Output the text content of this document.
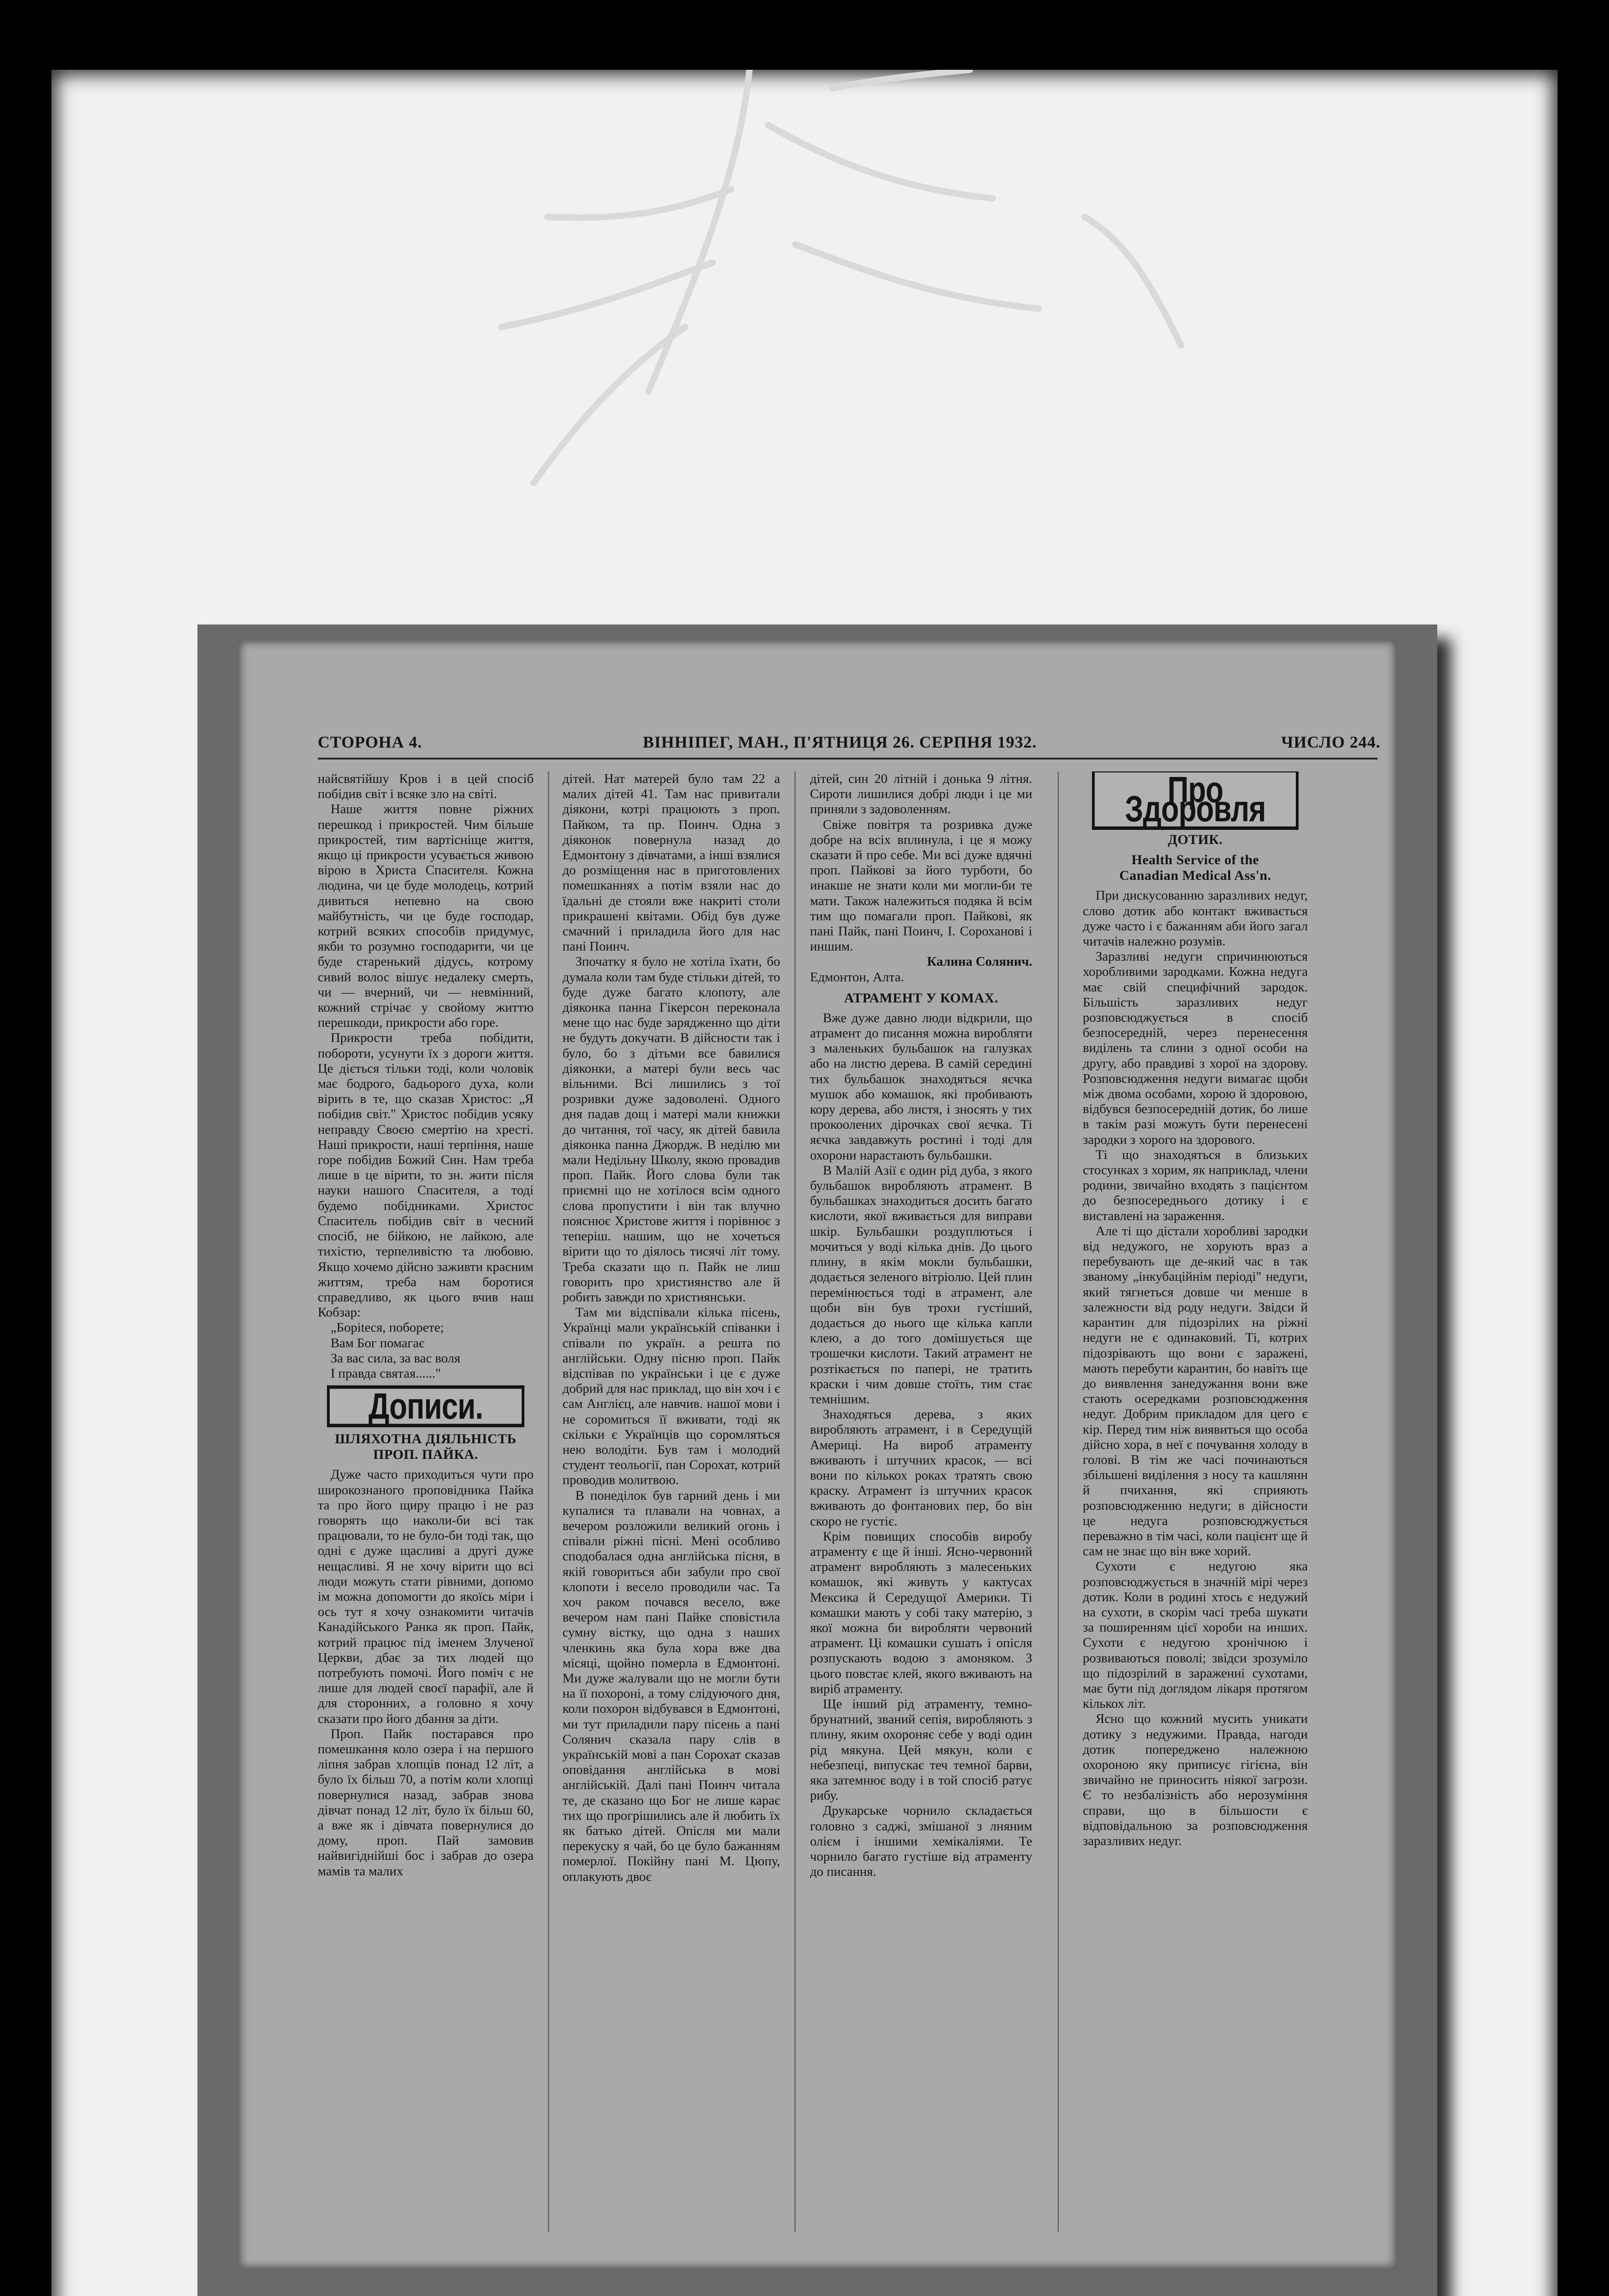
СТОРОНА 4.	ВІННІПЕГ, МАН., П'ЯТНИЦЯ 26. СЕРПНЯ 1932.	ЧИСЛО 244.

найсвятійшу Кров і в цей спосіб побідив світ і всяке зло на світі.

Наше життя повне ріжних перешкод і прикростей. Чим більше прикростей, тим вартісніще життя, якщо ці прикрости усувається живою вірою в Христа Спасителя. Кожна людина, чи це буде молодець, котрий дивиться непевно на свою майбутність, чи це буде господар, котрий всяких способів придумує, якби то розумно господарити, чи це буде старенький дідусь, котрому сивий волос вішує недалеку смерть, чи — вчерний, чи — невмінний, кожний стрічає у свойому життю перешкоди, прикрости або горе.

Прикрости треба побідити, побороти, усунути їх з дороги життя. Це діється тільки тоді, коли чоловік має бодрого, бадьорого духа, коли вірить в те, що сказав Христос: „Я побідив світ." Христос побідив усяку неправду Своєю смертію на хресті. Наші прикрости, наші терпіння, наше горе побідив Божий Син. Нам треба лише в це вірити, то зн. жити після науки нашого Спасителя, а тоді будемо побідниками. Христос Спаситель побідив світ в чесний спосіб, не бійкою, не лайкою, але тихістю, терпеливістю та любовю. Якщо хочемо дійсно заживти красним життям, треба нам боротися справедливо, як цього вчив наш Кобзар:

„Боріteся, поборете;

Вам Бог помагає

За вас сила, за вас воля

І правда святая......"

Дописи.
ШЛЯХОТНА ДІЯЛЬНІСТЬ
ПРОП. ПАЙКА.

Дуже часто приходиться чути про широкознаного проповідника Пайка та про його щиру працю і не раз говорять що наколи-би всі так працювали, то не було-би тоді так, що одні є дуже щасливі а другі дуже нещасливі. Я не хочу вірити що всі люди можуть стати рівними, допомо ім можна допомогти до якоїсь міри і ось тут я хочу ознакомити читачів Канадійського Ранка як проп. Пайк, котрий працює під іменем Злученої Церкви, дбає за тих людей що потребують помочі. Його поміч є не лише для людей своєї парафії, але й для сторонних, а головно я хочу сказати про його дбання за діти.

Проп. Пайк постарався про помешкання коло озера і на першого ліпня забрав хлопців понад 12 літ, а було їх більш 70, а потім коли хлопці повернулися назад, забрав знова дівчат понад 12 літ, було їх більш 60, а вже як і дівчата повернулися до дому, проп. Пай замовив найвигіднійші бос і забрав до озера мамів та малих

дітей. Нат матерей було там 22 а малих дітей 41. Там нас привитали діякони, котрі працюють з проп. Пайком, та пр. Поинч. Одна з діяконок повернула назад до Едмонтону з дівчатами, а інші взялися до розміщення нас в приготовлених помешканнях а потім взяли нас до їдальні де стояли вже накриті столи прикрашені квітами. Обід був дуже смачний і приладила його для нас пані Поинч.

Зпочатку я було не хотіла їхати, бо думала коли там буде стільки дітей, то буде дуже багато клопоту, але діяконка панна Гікерсон переконала мене що нас буде зарядженно що діти не будуть докучати. В дійсности так і було, бо з дітьми все бавилися діяконки, а матері були весь час вільними. Всі лишились з тої розривки дуже задоволені. Одного дня падав дощ і матері мали книжки до читання, тої часу, як дітей бавила діяконка панна Джордж. В неділю ми мали Недільну Школу, якою провадив проп. Пайк. Його слова були так приємні що не хотілося всім одного слова пропустити і він так влучно пояснює Христове життя і порівнює з теперіш. нашим, що не хочеться вірити що то діялось тисячі літ тому. Треба сказати що п. Пайк не лиш говорить про християнство але й робить завжди по християнськи.

Там ми відспівали кілька пісень, Українці мали українській співанки і співали по україн. а решта по англійськи. Одну пісню проп. Пайк відспівав по українськи і це є дуже добрий для нас приклад, що він хоч і є сам Англієц, але навчив. нашої мови і не соромиться її вживати, тоді як скільки є Українців що соромляться нею володіти. Був там і молодий студент теольогії, пан Сорохат, котрий проводив молитвою.

В понеділок був гарний день і ми купалися та плавали на човнах, а вечером розложили великий огонь і співали ріжні пісні. Мені особливо сподобалася одна англійська пісня, в якій говориться аби забули про свої клопоти і весело проводили час. Та хоч раком почався весело, вже вечером нам пані Пайке сповістила сумну вістку, що одна з наших членкинь яка була хора вже два місяці, щойно померла в Едмонтоні. Ми дуже жалували що не могли бути на її похороні, а тому слідуючого дня, коли похорон відбувався в Едмонтоні, ми тут приладили пару пісень а пані Солянич сказала пару слів в українській мові а пан Сорохат сказав оповідання англійська в мові англійській. Далі пані Поинч читала те, де сказано що Бог не лише карає тих що прогрішились але й любить їх як батько дітей. Опісля ми мали перекуску я чай, бо це було бажанням померлої. Покійну пані М. Цюпу, оплакують двоє

дітей, син 20 літній і донька 9 літня. Сироти лишилися добрі люди і це ми приняли з задоволенням.

Свіже повітря та розривка дуже добре на всіх вплинула, і це я можу сказати й про себе. Ми всі дуже вдячні проп. Пайкові за його турботи, бо инакше не знати коли ми могли-би те мати. Також належиться подяка й всім тим що помагали проп. Пайкові, як пані Пайк, пані Поинч, І. Сороханові і иншим.

Калина Солянич.

Едмонтон, Алта.

АТРАМЕНТ У КОМАХ.

Вже дуже давно люди відкрили, що атрамент до писання можна виробляти з маленьких бульбашок на галузках або на листю дерева. В самій середині тих бульбашок знаходяться яєчка мушок або комашок, які пробивають кору дерева, або листя, і зносять у тих прокоолених дірочках свої яєчка. Ті яєчка завдавжуть ростині і тоді для охорони нарастають бульбашки.

В Малій Азії є один рід дуба, з якого бульбашок виробляють атрамент. В бульбашках знаходиться досить багато кислоти, якої вживається для виправи шкір. Бульбашки роздуплються і мочиться у воді кілька днів. До цього плину, в якім мокли бульбашки, додається зеленого вітріолю. Цей плин перемінюється тоді в атрамент, але щоби він був трохи густіший, додається до нього ще кілька капли клею, а до того домішується ще трошечки кислоти. Такий атрамент не розтікається по папері, не тратить краски і чим довше стоїть, тим стає темнішим.

Знаходяться дерева, з яких виробляють атрамент, і в Середущій Америці. На вироб атраменту вживають і штучних красок, — всі вони по кількох роках тратять свою краску. Атрамент із штучних красок вживають до фонтанових пер, бо він скоро не густіє.

Крім повищих способів виробу атраменту є ще й інші. Ясно-червоний атрамент виробляють з малесеньких комашок, які живуть у кактусах Мексика й Середущої Америки. Ті комашки мають у собі таку матерію, з якої можна би виробляти червоний атрамент. Ці комашки сушать і опісля розпускають водою з амоняком. З цього повстає клей, якого вживають на виріб атраменту.

Ще інший рід атраменту, темно-брунатний, званий сепія, виробляють з плину, яким охороняє себе у воді один рід мякуна. Цей мякун, коли є небезпеці, випускає теч темної барви, яка затемнює воду і в той спосіб ратує рибу.

Друкарське чорнило складається головно з саджі, змішаної з лняним олієм і іншими хемікаліями. Те чорнило багато густіше від атраменту до писання.

Про Здоровля
ДОТИК.
Health Service of the
Canadian Medical Ass'n.

При дискусованню заразливих недуг, слово дотик або контакт вживається дуже часто і є бажанням аби його загал читачів належно розумів.

Заразливі недуги спричинюються хоробливими зародками. Кожна недуга має свій специфічний зародок. Більшість заразливих недуг розповсюджується в спосіб безпосередній, через перенесення виділень та слини з одної особи на другу, або правдиві з хорої на здорову. Розповсюдження недуги вимагає щоби між двома особами, хорою й здоровою, відбувся безпосередній дотик, бо лише в такім разі можуть бути перенесені зародки з хорого на здорового.

Ті що знаходяться в близьких стосунках з хорим, як наприклад, члени родини, звичайно входять з пацієнтом до безпосереднього дотику і є виставлені на зараження.

Але ті що дістали хоробливі зародки від недужого, не хорують враз а перебувають ще де-який час в так званому „інкубаційнім періоді" недуги, який тягнеться довше чи менше в залежности від роду недуги. Звідси й карантин для підозрілих на ріжні недуги не є одинаковий. Ті, котрих підозрівають що вони є заражені, мають перебути карантин, бо навіть ще до виявлення занедужання вони вже стають осередками розповсюдження недуг. Добрим прикладом для цего є кір. Перед тим ніж виявиться що особа дійсно хора, в неї є почування холоду в голові. В тім же часі починаються збільшені виділення з носу та кашлянн й пчихання, які сприяють розповсюдженню недуги; в дійсности це недуга розповсюджується переважно в тім часі, коли пацієнт ще й сам не знає що він вже хорий.

Сухоти є недугою яка розповсюджується в значній мірі через дотик. Коли в родині хтось є недужий на сухоти, в скорім часі треба шукати за поширенням цієї хороби на инших. Сухоти є недугою хронічною і розвиваються поволі; звідси зрозуміло що підозрілий в зараженні сухотами, має бути під доглядом лікаря протягом кількох літ.

Ясно що кожний мусить уникати дотику з недужими. Правда, нагоди дотик попереджено належною охороною яку приписує гігієна, він звичайно не приносить ніякої загрози. Є то незбалізність або нерозуміння справи, що в більшости є відповідальною за розповсюдження заразливих недуг.
